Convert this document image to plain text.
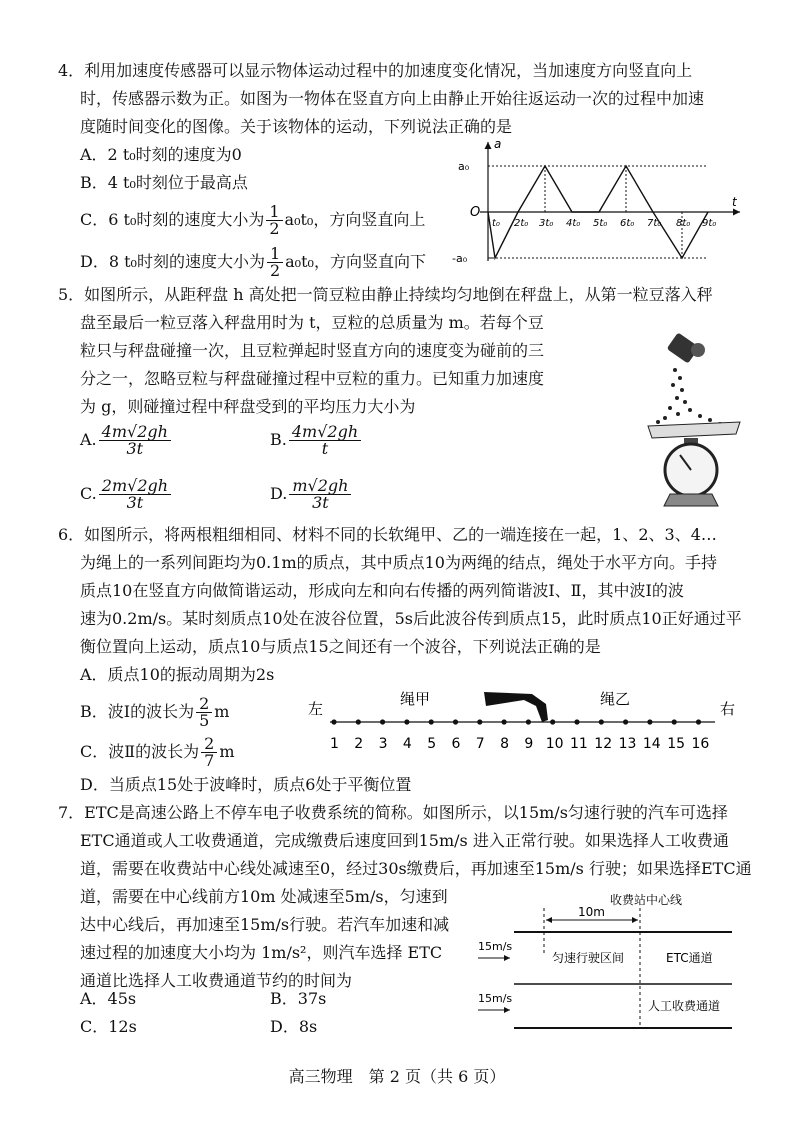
4．利用加速度传感器可以显示物体运动过程中的加速度变化情况，当加速度方向竖直向上
时，传感器示数为正。如图为一物体在竖直方向上由静止开始往返运动一次的过程中加速
度随时间变化的图像。关于该物体的运动，下列说法正确的是
A．2 t₀时刻的速度为0
B．4 t₀时刻位于最高点
C．6 t₀时刻的速度大小为 $\frac{1}{2} a_0t_0$，方向竖直向上
D．8 t₀时刻的速度大小为 $\frac{1}{2} a_0t_0$，方向竖直向下
a
t
O
a₀
-a₀
t₀ 2t₀ 3t₀ 4t₀ 5t₀ 6t₀ 7t₀ 8t₀ 9t₀
5．如图所示，从距秤盘 h 高处把一筒豆粒由静止持续均匀地倒在秤盘上，从第一粒豆落入秤
盘至最后一粒豆落入秤盘用时为 t，豆粒的总质量为 m。若每个豆
粒只与秤盘碰撞一次，且豆粒弹起时竖直方向的速度变为碰前的三
分之一，忽略豆粒与秤盘碰撞过程中豆粒的重力。已知重力加速度
为 g，则碰撞过程中秤盘受到的平均压力大小为
A. $\frac{4m√2gh}{3t}$	B. $\frac{4m√2gh}{t}$
C. $\frac{2m√2gh}{3t}$	D. $\frac{m√2gh}{3t}$
6．如图所示，将两根粗细相同、材料不同的长软绳甲、乙的一端连接在一起，1、2、3、4…
为绳上的一系列间距均为0.1m的质点，其中质点10为两绳的结点，绳处于水平方向。手持
质点10在竖直方向做简谐运动，形成向左和向右传播的两列简谐波Ⅰ、Ⅱ，其中波Ⅰ的波
速为0.2m/s。某时刻质点10处在波谷位置，5s后此波谷传到质点15，此时质点10正好通过平
衡位置向上运动，质点10与质点15之间还有一个波谷，下列说法正确的是
A．质点10的振动周期为2s
B．波Ⅰ的波长为 $\frac{2}{5}$ m
C．波Ⅱ的波长为 $\frac{2}{7}$ m
D．当质点15处于波峰时，质点6处于平衡位置
左	右
绳甲	绳乙
1 2 3 4 5 6 7 8 9 10 11 12 13 14 15 16
7．ETC是高速公路上不停车电子收费系统的简称。如图所示，以15m/s匀速行驶的汽车可选择
ETC通道或人工收费通道，完成缴费后速度回到15m/s 进入正常行驶。如果选择人工收费通
道，需要在收费站中心线处减速至0，经过30s缴费后，再加速至15m/s 行驶；如果选择ETC通
道，需要在中心线前方10m 处减速至5m/s，匀速到
达中心线后，再加速至15m/s行驶。若汽车加速和减
速过程的加速度大小均为 1m/s²，则汽车选择 ETC
通道比选择人工收费通道节约的时间为
A．45s	B．37s
C．12s	D．8s
收费站中心线
10m
15m/s
15m/s
匀速行驶区间	ETC通道
人工收费通道
高三物理　第 2 页（共 6 页）
